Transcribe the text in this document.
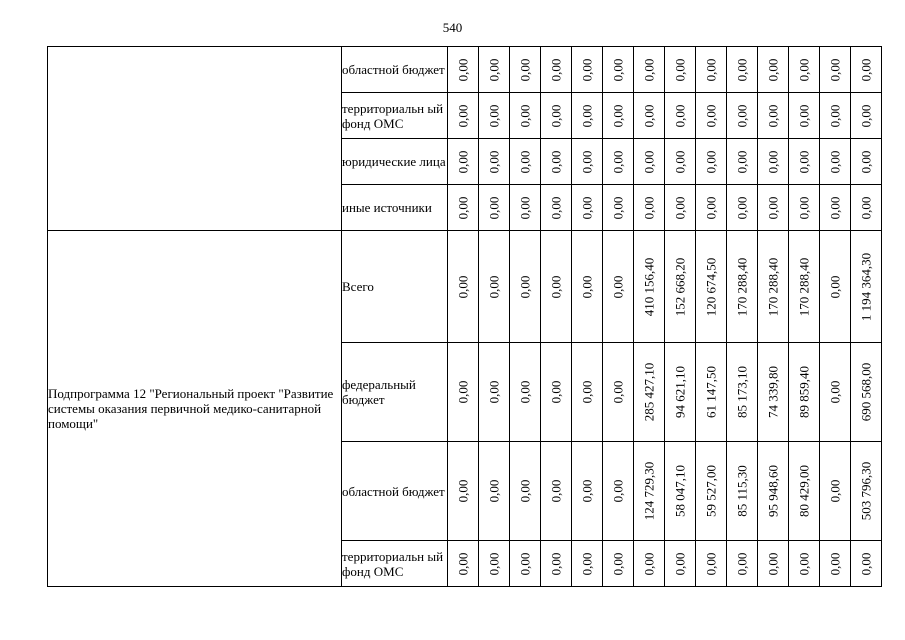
540
	областной бюджет	0,00	0,00	0,00	0,00	0,00	0,00	0,00	0,00	0,00	0,00	0,00	0,00	0,00	0,00

	территориальн ый фонд ОМС	0,00	0,00	0,00	0,00	0,00	0,00	0,00	0,00	0,00	0,00	0,00	0,00	0,00	0,00

	юридические лица	0,00	0,00	0,00	0,00	0,00	0,00	0,00	0,00	0,00	0,00	0,00	0,00	0,00	0,00

	иные источники	0,00	0,00	0,00	0,00	0,00	0,00	0,00	0,00	0,00	0,00	0,00	0,00	0,00	0,00

Подпрограмма 12 "Региональный проект "Развитие системы оказания первичной медико-санитарной помощи"	Всего	0,00	0,00	0,00	0,00	0,00	0,00	410 156,40	152 668,20	120 674,50	170 288,40	170 288,40	170 288,40	0,00	1 194 364,30

	федеральный бюджет	0,00	0,00	0,00	0,00	0,00	0,00	285 427,10	94 621,10	61 147,50	85 173,10	74 339,80	89 859,40	0,00	690 568,00

	областной бюджет	0,00	0,00	0,00	0,00	0,00	0,00	124 729,30	58 047,10	59 527,00	85 115,30	95 948,60	80 429,00	0,00	503 796,30

	территориальн ый фонд ОМС	0,00	0,00	0,00	0,00	0,00	0,00	0,00	0,00	0,00	0,00	0,00	0,00	0,00	0,00
